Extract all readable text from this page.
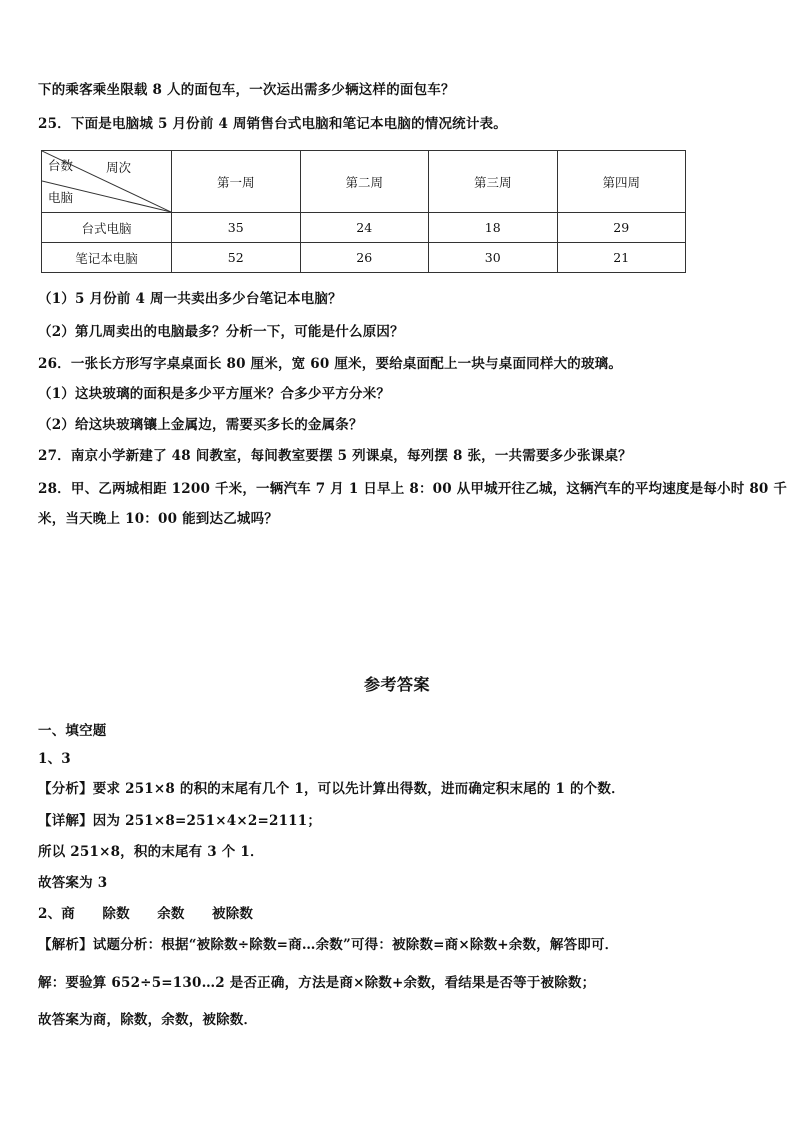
下的乘客乘坐限载 8 人的面包车，一次运出需多少辆这样的面包车？
25．下面是电脑城 5 月份前 4 周销售台式电脑和笔记本电脑的情况统计表。
台数 周次
电脑	第一周	第二周	第三周	第四周
台式电脑	35	24	18	29
笔记本电脑	52	26	30	21
（1）5 月份前 4 周一共卖出多少台笔记本电脑？
（2）第几周卖出的电脑最多？分析一下，可能是什么原因？
26．一张长方形写字桌桌面长 80 厘米，宽 60 厘米，要给桌面配上一块与桌面同样大的玻璃。
（1）这块玻璃的面积是多少平方厘米？合多少平方分米？
（2）给这块玻璃镶上金属边，需要买多长的金属条？
27．南京小学新建了 48 间教室，每间教室要摆 5 列课桌，每列摆 8 张，一共需要多少张课桌？
28．甲、乙两城相距 1200 千米，一辆汽车 7 月 1 日早上 8：00 从甲城开往乙城，这辆汽车的平均速度是每小时 80 千
米，当天晚上 10：00 能到达乙城吗？
参考答案
一、填空题
1、3
【分析】要求 251×8 的积的末尾有几个 1，可以先计算出得数，进而确定积末尾的 1 的个数．
【详解】因为 251×8=251×4×2=2111；
所以 251×8，积的末尾有 3 个 1．
故答案为 3
2、商　　除数　　余数　　被除数
【解析】试题分析：根据“被除数÷除数=商…余数”可得：被除数=商×除数+余数，解答即可．
解：要验算 652÷5=130…2 是否正确，方法是商×除数+余数，看结果是否等于被除数；
故答案为商，除数，余数，被除数．
